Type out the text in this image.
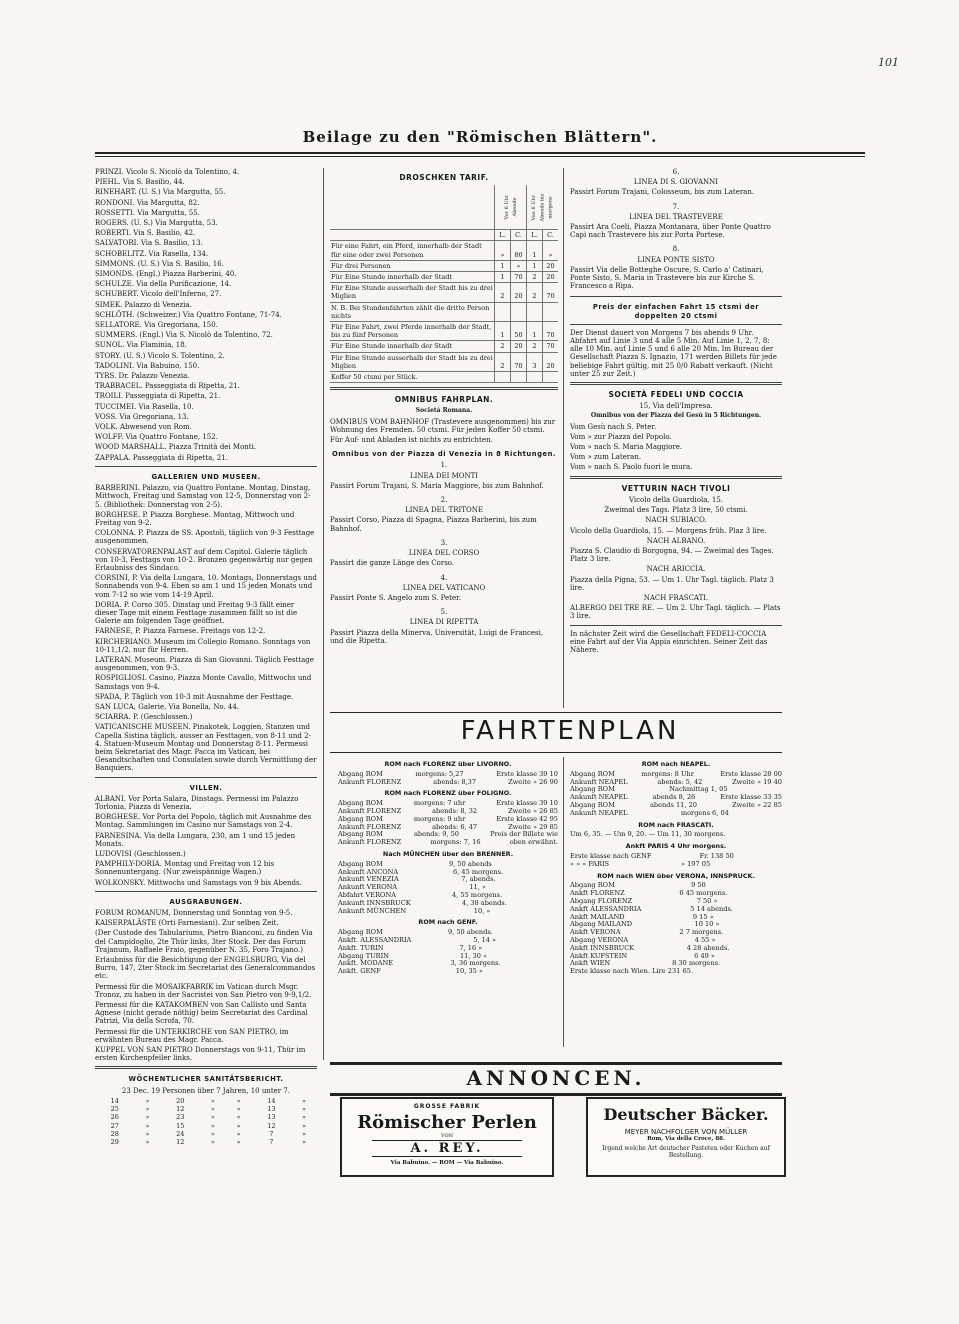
101
Beilage zu den "Römischen Blättern".

PRINZI. Vicolo S. Nicolò da Tolentino, 4.

PIEHL. Via S. Basilio, 44.

RINEHART. (U. S.) Via Margutta, 55.

RONDONI. Via Margutta, 82.

ROSSETTI. Via Margutta, 55.

ROGERS. (U. S.) Via Margutta, 53.

ROBERTI. Via S. Basilio, 42.

SALVATORI. Via S. Basilio, 13.

SCHOBELITZ. Via Rasella, 134.

SIMMONS. (U. S.) Via S. Basilio, 16.

SIMONDS. (Engl.) Piazza Barberini, 40.

SCHULZE. Via della Purificazione, 14.

SCHUBERT. Vicolo dell'Inferno, 27.

SIMEK. Palazzo di Venezia.

SCHLÖTH. (Schweizer.) Via Quattro Fontane, 71-74.

SELLATORE. Via Gregoriana, 150.

SUMMERS. (Engl.) Via S. Nicolò da Tolentino, 72.

SUNOL. Via Flaminia, 18.

STORY. (U. S.) Vicolo S. Tolentino, 2.

TADOLINI. Via Babuino, 150.

TYRS. Dr. Palazzo Venezia.

TRABBACEL. Passeggiata di Ripetta, 21.

TROILI. Passeggiata di Ripetta, 21.

TUCCIMEI. Via Rasella, 10.

VOSS. Via Gregoriana, 13.

VOLK. Abwesend von Rom.

WOLFF. Via Quattro Fontane, 152.

WOOD MARSHALL. Piazza Trinità dei Monti.

ZAPPALA. Passeggiata di Ripetta, 21.

GALLERIEN UND MUSEEN.

BARBERINI. Palazzo, via Quattro Fontane. Montag, Dinstag, Mittwoch, Freitag und Samstag von 12-5, Donnerstag von 2-5. (Bibliothek: Donnerstag von 2-5).

BORGHESE. P. Piazza Borghese. Montag, Mittwoch und Freitag von 9-2.

COLONNA. P. Piazza de SS. Apostoli, täglich von 9-3 Festtage ausgenommen.

CONSERVATORENPALAST auf dem Capitol. Galerie täglich von 10-3, Festtags von 10-2. Bronzen gegenwärtig nur gegen Erlaubniss des Sindaco.

CORSINI, P. Via della Lungara, 10. Montags, Donnerstags und Sonnabends von 9-4. Eben so am 1 und 15 jeden Monats und vom 7-12 so wie vom 14-19 April.

DORIA. P. Corso 305. Dinstag und Freitag 9-3 fällt einer dieser Tage mit einem Festtage zusammen fällt so ist die Galerie am folgenden Tage geöffnet.

FARNESE, P. Piazza Farnese. Freitags von 12-2.

KIRCHERIANO. Museum im Collegio Romano. Sonntags von 10-11,1/2, nur für Herren.

LATERAN. Museum. Piazza di San Giovanni. Täglich Festtage ausgenommen, von 9-3.

ROSPIGLIOSI. Casino, Piazza Monte Cavallo, Mittwochs und Samstags von 9-4.

SPADA, P. Täglich von 10-3 mit Ausnahme der Festtage.

SAN LUCA, Galerie, Via Bonella, No. 44.

SCIARRA. P. (Geschlossen.)

VATICANISCHE MUSEEN. Pinakotek, Loggien, Stanzen und Capella Sistina täglich, ausser an Festtagen, von 8-11 und 2-4. Statuen-Museum Montag und Donnerstag 8-11. Permessi beim Sekretariat des Magr. Pacca im Vatican, bei Gesandtschaften und Consulaten sowie durch Vermittlung der Banquiers.

VILLEN.

ALBANI. Vor Porta Salara, Dinstags. Permessi im Palazzo Torlonia, Piazza di Venezia.

BORGHESE. Vor Porta del Popolo, täglich mit Ausnahme des Montag. Sammlungen im Casino nur Samstags von 2-4.

FARNESINA. Via della Lungara, 230, am 1 und 15 jeden Monats.

LUDOVISI (Geschlossen.)

PAMPHILY-DORIA. Montag und Freitag von 12 bis Sonnenuntergang. (Nur zweispännige Wagen.)

WOLKONSKY. Mittwochs und Samstags von 9 bis Abends.

AUSGRABUNGEN.

FORUM ROMANUM, Donnerstag und Sonntag von 9-5.

KAISERPALÄSTE (Orti Farnesiani). Zur selben Zeit.

(Der Custode des Tabulariums, Pietro Bianconi, zu finden Via del Campidoglio, 2te Thür links, 3ter Stock. Der das Forum Trajanum, Raffaele Fraio, gegenüber N. 35, Foro Trajano.)

Erlaubniss für die Besichtigung der ENGELSBURG, Via del Burro, 147, 2ter Stock im Secretariat des Generalcommandos etc.

Permessi für die MOSAIKFABRIK im Vatican durch Msgr. Tronoz, zu haben in der Sacristei von San Pietro von 9-9,1/2.

Permessi für die KATAKOMBEN von San Callisto und Santa Agnese (nicht gerade nöthig) beim Secretariat des Cardinal Patrizi, Via della Scrofa, 70.

Permessi für die UNTERKIRCHE von SAN PIETRO, im erwähnten Bureau des Magr. Pacca.

KUPPEL VON SAN PIETRO Donnerstags von 9-11, Thür im ersten Kirchenpfeiler links.

WÖCHENTLICHER SANITÄTSBERICHT.

23 Dec. 19 Personen über 7 Jahren, 10 unter 7.

14	»	20	»	»	14	»
25	»	12	»	»	13	»
26	»	23	»	«	13	»
27	»	15	»	»	12	»
28	»	24	»	»	7	»
29	»	12	»	»	7	»
DROSCHKEN TARIF.
	Vor 6 Uhr Abends		Von 6 Uhr Abends bis morgens	
	L.	C.	L.	C.
Für eine Fahrt, ein Pferd, innerhalb der Stadt für eine oder zwei Personen	»	80	1	»
Für drei Personen	1	»	1	20
Für Eine Stunde innerhalb der Stadt	1	70	2	20
Für Eine Stunde ausserhalb der Stadt bis zu drei Miglien	2	20	2	70
N. B. Bei Stundenfahrten zählt die dritte Person nichts				
Für Eine Fahrt, zwei Pferde innerhalb der Stadt, bis zu fünf Personen	1	50	1	70
Für Eine Stunde innerhalb der Stadt	2	20	2	70
Für Eine Stunde ausserhalb der Stadt bis zu drei Miglien	2	70	3	20
Koffer 50 ctsmi per Stück.				
OMNIBUS FAHRPLAN.

Societá Romana.

OMNIBUS VOM BAHNHOF (Trastevere ausgenommen) bis zur Wohnung des Fremden. 50 ctsmi. Für jeden Koffer 50 ctsmi.

Für Auf- und Abladen ist nichts zu entrichten.

Omnibus von der Piazza di Venezia in 8 Richtungen.

1.

LINEA DEI MONTI

Passirt Forum Trajani, S. Maria Maggiore, bis zum Bahnhof.

2.

LINEA DEL TRITONE

Passirt Corso, Piazza di Spagna, Piazza Barberini, bis zum Bahnhof.

3.

LINEA DEL CORSO

Passirt die ganze Länge des Corso.

4.

LINEA DEL VATICANO

Passirt Ponte S. Angelo zum S. Peter.

5.

LINEA DI RIPETTA

Passirt Piazza della Minerva, Universität, Luigi de Francesi, und die Ripetta.

6.

LINEA DI S. GIOVANNI

Passirt Forum Trajani, Colosseum, bis zum Lateran.

7.

LINEA DEL TRASTEVERE

Passirt Ara Coeli, Piazza Montanara, über Ponte Quattro Capi nach Trastevere bis zur Porta Portese.

8.

LINEA PONTE SISTO

Passirt Via delle Botteghe Oscure, S. Carlo a' Catinari, Ponte Sisto, S. Maria in Trastevere bis zur Kirche S. Francesco a Ripa.

Preis der einfachen Fahrt 15 ctsmi der doppelten 20 ctsmi

Der Dienst dauert von Morgens 7 bis abends 9 Uhr. Abfahrt auf Linie 3 und 4 alle 5 Min. Auf Linie 1, 2, 7, 8: alle 10 Min. auf Linie 5 und 6 alle 20 Min. Im Bureau der Gesellschaft Piazza S. Ignazio, 171 werden Billets für jede beliebige Fahrt gültig, mit 25 0/0 Rabatt verkauft. (Nicht unter 25 zur Zeit.)

SOCIETÀ FEDELI UND COCCIA

15, Via dell'Impresa.

Omnibus von der Piazza del Gesù in 5 Richtungen.

Vom Gesù nach S. Peter.

Vom » zur Piazza del Popolo.

Vom » nach S. Maria Maggiore.

Vom » zum Lateran.

Vom » nach S. Paolo fuori le mura.

VETTURIN NACH TIVOLI

Vicolo della Guardiola, 15.

Zweimal des Tags. Platz 3 lire, 50 ctsmi.

NACH SUBIACO.

Vicolo della Guardiola, 15. — Morgens früh. Plaz 3 lire.

NACH ALBANO.

Piazza S. Claudio di Borgogna, 94. — Zweimal des Tages. Platz 3 lire.

NACH ARICCIA.

Piazza della Pigna, 53. — Um 1. Uhr Tagl. täglich. Platz 3 lire.

NACH FRASCATI.

ALBERGO DEI TRE RE. — Um 2. Uhr Tagl. täglich. — Plats 3 lire.

In nächster Zeit wird die Gesellschaft FEDELI-COCCIA eine Fahrt auf der Via Appia einrichten. Seiner Zeit das Nähere.

FAHRTENPLAN
ROM nach FLORENZ über LIVORNO.
Abgang ROM	morgens: 5,27	Erste klasse 39 10
Ankunft FLORENZ	abends: 8,37	Zweite » 26 90
ROM nach FLORENZ über FOLIGNO.
Abgang ROM	morgens: 7 uhr	Erste klasse 39 10
Ankunft FLORENZ	abends: 8, 32	Zweite » 26 85
Abgang ROM	morgens: 9 uhr	Erste klasse 42 95
Ankunft FLORENZ	abends: 6, 47	Zweite » 29 85
Abgang ROM	abends: 9, 50	Preis der Billete wie
Ankunft FLORENZ	morgens: 7, 16	oben erwähnt.
Nach MÜNCHEN über den BRENNER.
Abgang ROM	9, 50 abends
Ankunft ANCONA	6, 45 morgens.
Ankunft VENEZIA	7, abends.
Ankunft VERONA	11, »
Abfahrt VERONA	4, 55 morgens.
Ankunft INNSBRUCK	4, 38 abends.
Ankunft MÜNCHEN	10, »
ROM nach GENF.
Abgang ROM	9, 50 abends.
Ankft. ALESSANDRIA	5, 14 »
Ankft. TURIN	7, 16 »
Abgang TURIN	11, 30 »
Ankft. MODANE	3, 36 morgens.
Ankft. GENF	10, 35 »
ROM nach NEAPEL.
Abgang ROM	morgens: 8 Uhr	Erste klasse 28 00
Ankunft NEAPEL	abends: 5, 42	Zweite » 19 40
Abgang ROM	Nachmittag 1, 05
Ankunft NEAPEL	abends 8, 26	Erste klasse 33 35
Abgang ROM	abends 11, 20	Zweite » 22 85
Ankunft NEAPEL	morgens 6, 04
ROM nach FRASCATI.
Um 6, 35. — Um 9, 20. — Um 11, 30 morgens.
Ankft PARIS 4 Uhr morgens.
Erste klasse nach GENF	Fr. 138 50
» » » PARIS	» 197 05
ROM nach WIEN über VERONA, INNSPRUCK.
Abgang ROM	9 50
Ankft FLORENZ	6 45 morgens.
Abgang FLORENZ	7 50 »
Ankft ALESSANDRIA	5 14 abends.
Ankft MAILAND	9 15 »
Abgang MAILAND	10 10 »
Ankft VERONA	2 7 morgens.
Abgang VERONA	4 55 »
Ankft INNSBRUCK	4 28 abends.
Ankft KUFSTEIN	6 49 »
Ankft WIEN	8 30 morgens.
Erste klasse nach Wien. Lire 231 65.
ANNONCEN.
GROSSE FABRIK
Römischer Perlen
VON
A. REY.
Via Babuino. — ROM — Via Babuino.
Deutscher Bäcker.
MEYER NACHFOLGER VON MÜLLER
Rom, Via della Croce, 88.
Irgend welche Art deutscher Pasteten oder Kuchen auf Bestellung.
